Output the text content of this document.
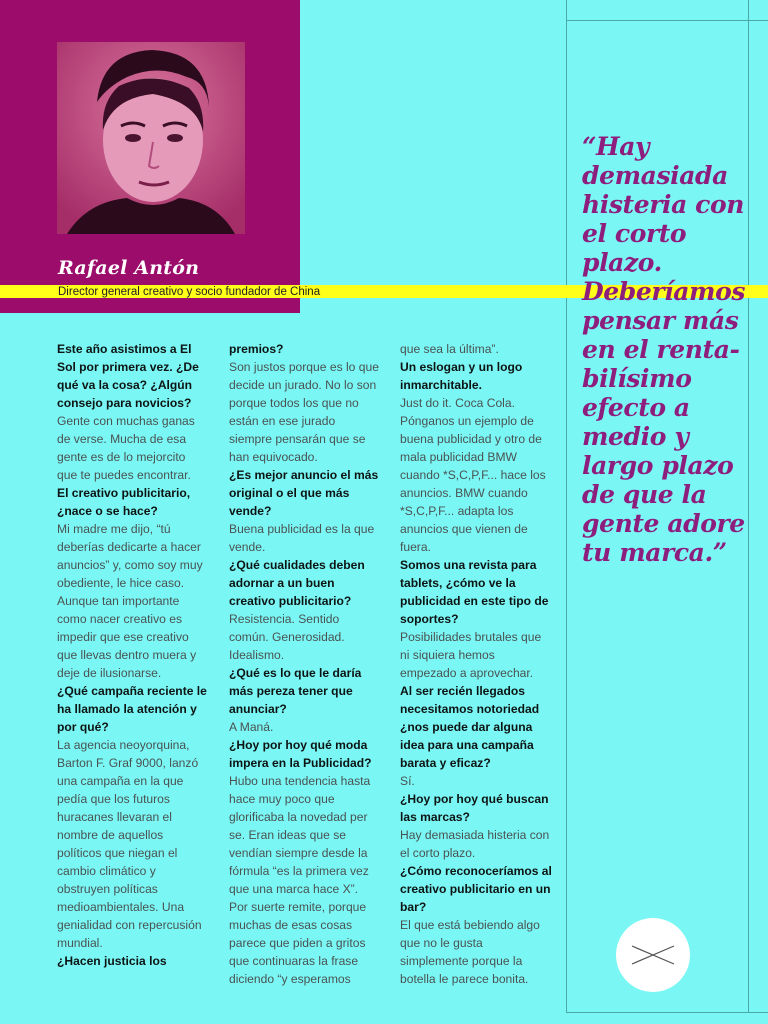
Rafael Antón
Director general creativo y socio fundador de China

Este año asistimos a El Sol por primera vez. ¿De qué va la cosa? ¿Algún consejo para novicios?

Gente con muchas ganas de verse. Mucha de esa gente es de lo mejorcito que te puedes encontrar.

El creativo publicitario, ¿nace o se hace?

Mi madre me dijo, “tú deberías dedicarte a hacer anuncios” y, como soy muy obediente, le hice caso. Aunque tan importante como nacer creativo es impedir que ese creativo que llevas dentro muera y deje de ilusionarse.

¿Qué campaña reciente le ha llamado la atención y por qué?

La agencia neoyorquina, Barton F. Graf 9000, lanzó una campaña en la que pedía que los futuros huracanes llevaran el nombre de aquellos políticos que niegan el cambio climático y obstruyen políticas medioambientales. Una genialidad con repercusión mundial.

¿Hacen justicia los

premios?

Son justos porque es lo que decide un jurado. No lo son porque todos los que no están en ese jurado siempre pensarán que se han equivocado.

¿Es mejor anuncio el más original o el que más vende?

Buena publicidad es la que vende.

¿Qué cualidades deben adornar a un buen creativo publicitario?

Resistencia. Sentido común. Generosidad. Idealismo.

¿Qué es lo que le daría más pereza tener que anunciar?

A Maná.

¿Hoy por hoy qué moda impera en la Publicidad?

Hubo una tendencia hasta hace muy poco que glorificaba la novedad per se. Eran ideas que se vendían siempre desde la fórmula “es la primera vez que una marca hace X”. Por suerte remite, porque muchas de esas cosas parece que piden a gritos que continuaras la frase diciendo “y esperamos

que sea la última”.

Un eslogan y un logo inmarchitable.

Just do it. Coca Cola. Pónganos un ejemplo de buena publicidad y otro de mala publicidad BMW cuando *S,C,P,F... hace los anuncios. BMW cuando *S,C,P,F... adapta los anuncios que vienen de fuera.

Somos una revista para tablets, ¿cómo ve la publicidad en este tipo de soportes?

Posibilidades brutales que ni siquiera hemos empezado a aprovechar.

Al ser recién llegados necesitamos notoriedad ¿nos puede dar alguna idea para una campaña barata y eficaz?

Sí.

¿Hoy por hoy qué buscan las marcas?

Hay demasiada histeria con el corto plazo.

¿Cómo reconoceríamos al creativo publicitario en un bar?

El que está bebiendo algo que no le gusta simplemente porque la botella le parece bonita.

“Hay demasiada histeria con el corto plazo. Deberíamos pensar más en el renta- bilísimo efecto a medio y largo plazo de que la gente adore tu marca.”
